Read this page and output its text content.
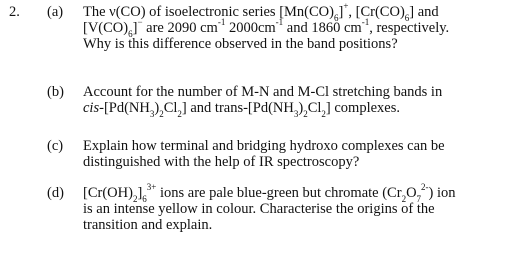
2. (a)	The ν(CO) of isoelectronic series $[Mn(CO)_6]^+$, $[Cr(CO)_6]$ and
$[V(CO)_6]^-$ are 2090 $cm^{-1}$ $2000cm^{-1}$ and 1860 $cm^{-1}$, respectively.
Why is this difference observed in the band positions?
(b)	Account for the number of M-N and M-Cl stretching bands in
cis-$[Pd(NH_3)_2Cl_2]$ and trans-$[Pd(NH_3)_2Cl_2]$ complexes.
(c)	Explain how terminal and bridging hydroxo complexes can be
distinguished with the help of IR spectroscopy?
(d)	$[Cr(OH)_2]_6^{3+}$ ions are pale blue-green but chromate $(Cr_2O_7^{2-})$ ion
is an intense yellow in colour. Characterise the origins of the
transition and explain.
